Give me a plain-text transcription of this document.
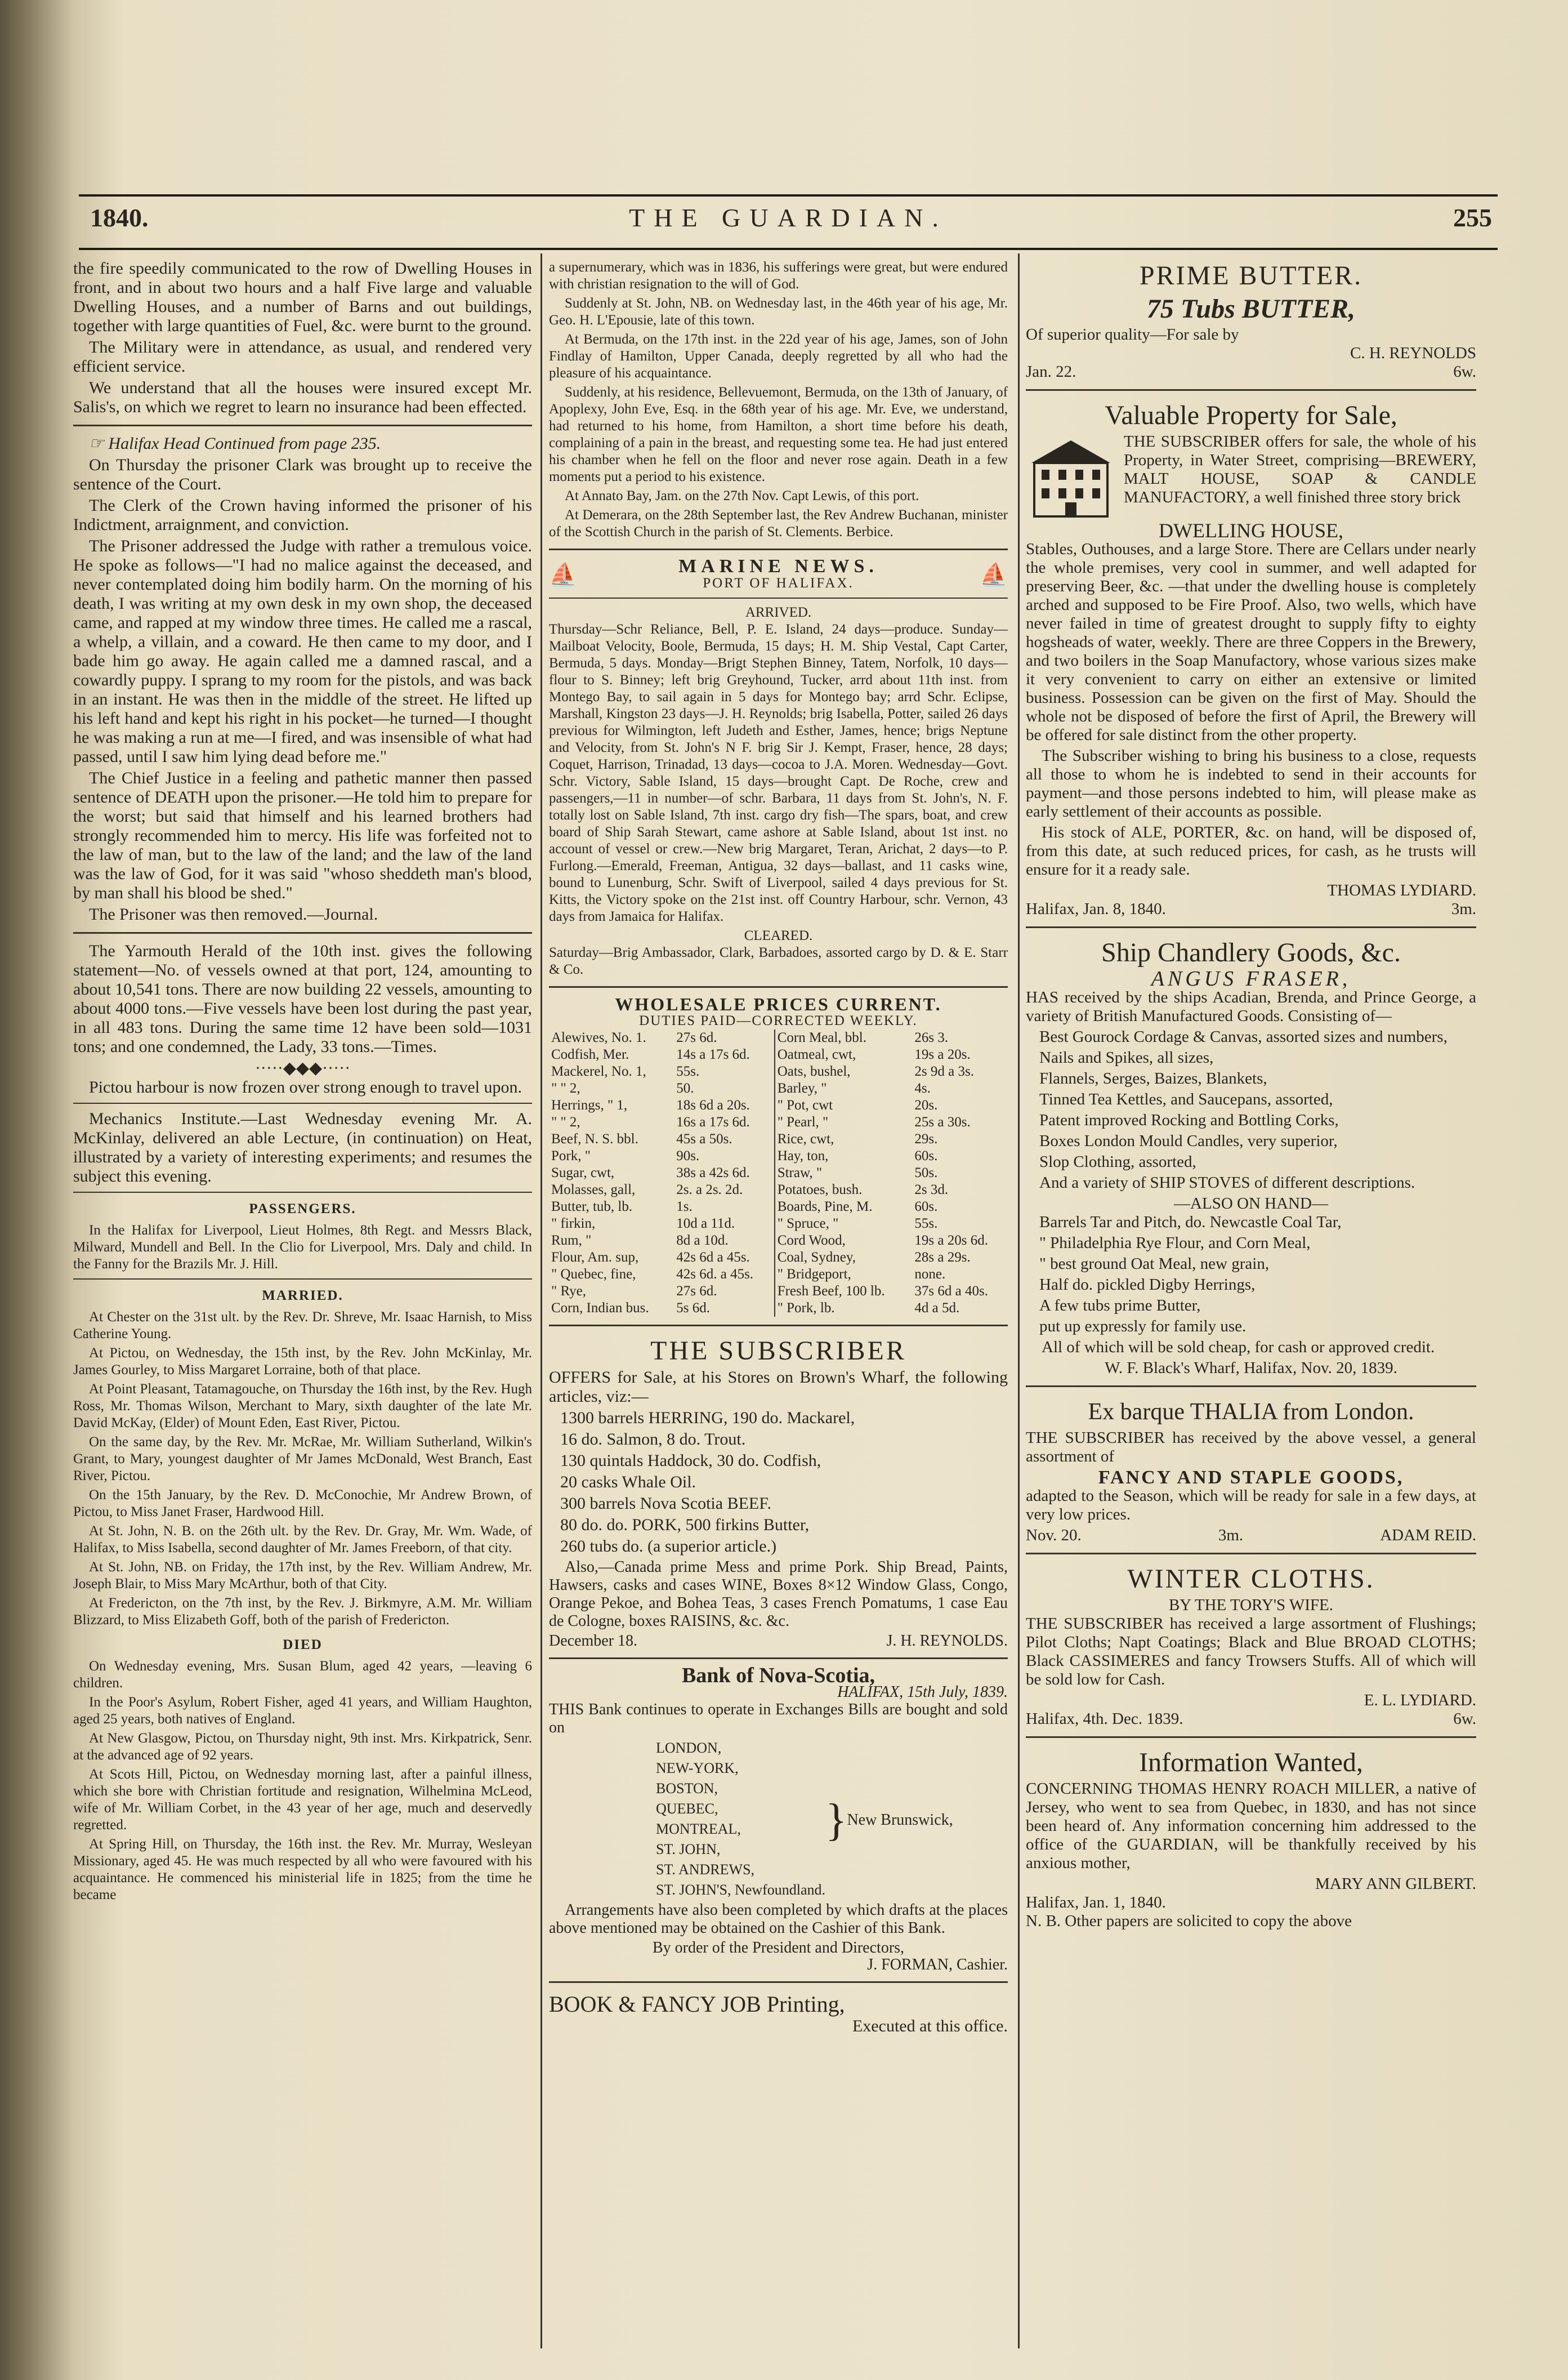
1840.	THE GUARDIAN.	255

the fire speedily communicated to the row of Dwelling Houses in front, and in about two hours and a half Five large and valuable Dwelling Houses, and a number of Barns and out buildings, together with large quantities of Fuel, &c. were burnt to the ground.

The Military were in attendance, as usual, and rendered very efficient service.

We understand that all the houses were insured except Mr. Salis's, on which we regret to learn no insurance had been effected.

☞ Halifax Head Continued from page 235.

On Thursday the prisoner Clark was brought up to receive the sentence of the Court.

The Clerk of the Crown having informed the prisoner of his Indictment, arraignment, and conviction.

The Prisoner addressed the Judge with rather a tremulous voice. He spoke as follows—"I had no malice against the deceased, and never contemplated doing him bodily harm. On the morning of his death, I was writing at my own desk in my own shop, the deceased came, and rapped at my window three times. He called me a rascal, a whelp, a villain, and a coward. He then came to my door, and I bade him go away. He again called me a damned rascal, and a cowardly puppy. I sprang to my room for the pistols, and was back in an instant. He was then in the middle of the street. He lifted up his left hand and kept his right in his pocket—he turned—I thought he was making a run at me—I fired, and was insensible of what had passed, until I saw him lying dead before me."

The Chief Justice in a feeling and pathetic manner then passed sentence of DEATH upon the prisoner.—He told him to prepare for the worst; but said that himself and his learned brothers had strongly recommended him to mercy. His life was forfeited not to the law of man, but to the law of the land; and the law of the land was the law of God, for it was said "whoso sheddeth man's blood, by man shall his blood be shed."

The Prisoner was then removed.—Journal.

The Yarmouth Herald of the 10th inst. gives the following statement—No. of vessels owned at that port, 124, amounting to about 10,541 tons. There are now building 22 vessels, amounting to about 4000 tons.—Five vessels have been lost during the past year, in all 483 tons. During the same time 12 have been sold—1031 tons; and one condemned, the Lady, 33 tons.—Times.

·····◆◆◆·····

Pictou harbour is now frozen over strong enough to travel upon.

Mechanics Institute.—Last Wednesday evening Mr. A. McKinlay, delivered an able Lecture, (in continuation) on Heat, illustrated by a variety of interesting experiments; and resumes the subject this evening.

PASSENGERS.

In the Halifax for Liverpool, Lieut Holmes, 8th Regt. and Messrs Black, Milward, Mundell and Bell. In the Clio for Liverpool, Mrs. Daly and child. In the Fanny for the Brazils Mr. J. Hill.

MARRIED.

At Chester on the 31st ult. by the Rev. Dr. Shreve, Mr. Isaac Harnish, to Miss Catherine Young.

At Pictou, on Wednesday, the 15th inst, by the Rev. John McKinlay, Mr. James Gourley, to Miss Margaret Lorraine, both of that place.

At Point Pleasant, Tatamagouche, on Thursday the 16th inst, by the Rev. Hugh Ross, Mr. Thomas Wilson, Merchant to Mary, sixth daughter of the late Mr. David McKay, (Elder) of Mount Eden, East River, Pictou.

On the same day, by the Rev. Mr. McRae, Mr. William Sutherland, Wilkin's Grant, to Mary, youngest daughter of Mr James McDonald, West Branch, East River, Pictou.

On the 15th January, by the Rev. D. McConochie, Mr Andrew Brown, of Pictou, to Miss Janet Fraser, Hardwood Hill.

At St. John, N. B. on the 26th ult. by the Rev. Dr. Gray, Mr. Wm. Wade, of Halifax, to Miss Isabella, second daughter of Mr. James Freeborn, of that city.

At St. John, NB. on Friday, the 17th inst, by the Rev. William Andrew, Mr. Joseph Blair, to Miss Mary McArthur, both of that City.

At Fredericton, on the 7th inst, by the Rev. J. Birkmyre, A.M. Mr. William Blizzard, to Miss Elizabeth Goff, both of the parish of Fredericton.

DIED

On Wednesday evening, Mrs. Susan Blum, aged 42 years, —leaving 6 children.

In the Poor's Asylum, Robert Fisher, aged 41 years, and William Haughton, aged 25 years, both natives of England.

At New Glasgow, Pictou, on Thursday night, 9th inst. Mrs. Kirkpatrick, Senr. at the advanced age of 92 years.

At Scots Hill, Pictou, on Wednesday morning last, after a painful illness, which she bore with Christian fortitude and resignation, Wilhelmina McLeod, wife of Mr. William Corbet, in the 43 year of her age, much and deservedly regretted.

At Spring Hill, on Thursday, the 16th inst. the Rev. Mr. Murray, Wesleyan Missionary, aged 45. He was much respected by all who were favoured with his acquaintance. He commenced his ministerial life in 1825; from the time he became

a supernumerary, which was in 1836, his sufferings were great, but were endured with christian resignation to the will of God.

Suddenly at St. John, NB. on Wednesday last, in the 46th year of his age, Mr. Geo. H. L'Epousie, late of this town.

At Bermuda, on the 17th inst. in the 22d year of his age, James, son of John Findlay of Hamilton, Upper Canada, deeply regretted by all who had the pleasure of his acquaintance.

Suddenly, at his residence, Bellevuemont, Bermuda, on the 13th of January, of Apoplexy, John Eve, Esq. in the 68th year of his age. Mr. Eve, we understand, had returned to his home, from Hamilton, a short time before his death, complaining of a pain in the breast, and requesting some tea. He had just entered his chamber when he fell on the floor and never rose again. Death in a few moments put a period to his existence.

At Annato Bay, Jam. on the 27th Nov. Capt Lewis, of this port.

At Demerara, on the 28th September last, the Rev Andrew Buchanan, minister of the Scottish Church in the parish of St. Clements. Berbice.

⛵	MARINE NEWS.
PORT OF HALIFAX.	⛵
ARRIVED.

Thursday—Schr Reliance, Bell, P. E. Island, 24 days—produce. Sunday—Mailboat Velocity, Boole, Bermuda, 15 days; H. M. Ship Vestal, Capt Carter, Bermuda, 5 days. Monday—Brigt Stephen Binney, Tatem, Norfolk, 10 days—flour to S. Binney; left brig Greyhound, Tucker, arrd about 11th inst. from Montego Bay, to sail again in 5 days for Montego bay; arrd Schr. Eclipse, Marshall, Kingston 23 days—J. H. Reynolds; brig Isabella, Potter, sailed 26 days previous for Wilmington, left Judeth and Esther, James, hence; brigs Neptune and Velocity, from St. John's N F. brig Sir J. Kempt, Fraser, hence, 28 days; Coquet, Harrison, Trinadad, 13 days—cocoa to J.A. Moren. Wednesday—Govt. Schr. Victory, Sable Island, 15 days—brought Capt. De Roche, crew and passengers,—11 in number—of schr. Barbara, 11 days from St. John's, N. F. totally lost on Sable Island, 7th inst. cargo dry fish—The spars, boat, and crew board of Ship Sarah Stewart, came ashore at Sable Island, about 1st inst. no account of vessel or crew.—New brig Margaret, Teran, Arichat, 2 days—to P. Furlong.—Emerald, Freeman, Antigua, 32 days—ballast, and 11 casks wine, bound to Lunenburg, Schr. Swift of Liverpool, sailed 4 days previous for St. Kitts, the Victory spoke on the 21st inst. off Country Harbour, schr. Vernon, 43 days from Jamaica for Halifax.

CLEARED.

Saturday—Brig Ambassador, Clark, Barbadoes, assorted cargo by D. & E. Starr & Co.

WHOLESALE PRICES CURRENT.
DUTIES PAID—CORRECTED WEEKLY.
Alewives, No. 1.	27s 6d.	Corn Meal, bbl.	26s 3.
Codfish, Mer.	14s a 17s 6d.	Oatmeal, cwt,	19s a 20s.
Mackerel, No. 1,	55s.	Oats, bushel,	2s 9d a 3s.
" " 2,	50.	Barley, "	4s.
Herrings, " 1,	18s 6d a 20s.	" Pot, cwt	20s.
" " 2,	16s a 17s 6d.	" Pearl, "	25s a 30s.
Beef, N. S. bbl.	45s a 50s.	Rice, cwt,	29s.
Pork, "	90s.	Hay, ton,	60s.
Sugar, cwt,	38s a 42s 6d.	Straw, "	50s.
Molasses, gall,	2s. a 2s. 2d.	Potatoes, bush.	2s 3d.
Butter, tub, lb.	1s.	Boards, Pine, M.	60s.
" firkin,	10d a 11d.	" Spruce, "	55s.
Rum, "	8d a 10d.	Cord Wood,	19s a 20s 6d.
Flour, Am. sup,	42s 6d a 45s.	Coal, Sydney,	28s a 29s.
" Quebec, fine,	42s 6d. a 45s.	" Bridgeport,	none.
" Rye,	27s 6d.	Fresh Beef, 100 lb.	37s 6d a 40s.
Corn, Indian bus.	5s 6d.	" Pork, lb.	4d a 5d.
THE SUBSCRIBER

OFFERS for Sale, at his Stores on Brown's Wharf, the following articles, viz:—

1300 barrels HERRING, 190 do. Mackarel,

16 do. Salmon, 8 do. Trout.

130 quintals Haddock, 30 do. Codfish,

20 casks Whale Oil.

300 barrels Nova Scotia BEEF.

80 do. do. PORK, 500 firkins Butter,

260 tubs do. (a superior article.)

Also,—Canada prime Mess and prime Pork. Ship Bread, Paints, Hawsers, casks and cases WINE, Boxes 8×12 Window Glass, Congo, Orange Pekoe, and Bohea Teas, 3 cases French Pomatums, 1 case Eau de Cologne, boxes RAISINS, &c. &c.

December 18.	J. H. REYNOLDS.
Bank of Nova-Scotia,
HALIFAX, 15th July, 1839.

THIS Bank continues to operate in Exchanges Bills are bought and sold on

LONDON,

NEW-YORK,

BOSTON,

QUEBEC,

MONTREAL,

ST. JOHN,

ST. ANDREWS,

ST. JOHN'S, Newfoundland.

} New Brunswick,

Arrangements have also been completed by which drafts at the places above mentioned may be obtained on the Cashier of this Bank.

By order of the President and Directors,
J. FORMAN, Cashier.
BOOK & FANCY JOB Printing,
Executed at this office.
PRIME BUTTER.
75 Tubs BUTTER,
Of superior quality—For sale by
C. H. REYNOLDS
Jan. 22.	6w.
Valuable Property for Sale,

THE SUBSCRIBER offers for sale, the whole of his Property, in Water Street, comprising—BREWERY, MALT HOUSE, SOAP & CANDLE MANUFACTORY, a well finished three story brick

DWELLING HOUSE,

Stables, Outhouses, and a large Store. There are Cellars under nearly the whole premises, very cool in summer, and well adapted for preserving Beer, &c. —that under the dwelling house is completely arched and supposed to be Fire Proof. Also, two wells, which have never failed in time of greatest drought to supply fifty to eighty hogsheads of water, weekly. There are three Coppers in the Brewery, and two boilers in the Soap Manufactory, whose various sizes make it very convenient to carry on either an extensive or limited business. Possession can be given on the first of May. Should the whole not be disposed of before the first of April, the Brewery will be offered for sale distinct from the other property.

The Subscriber wishing to bring his business to a close, requests all those to whom he is indebted to send in their accounts for payment—and those persons indebted to him, will please make as early settlement of their accounts as possible.

His stock of ALE, PORTER, &c. on hand, will be disposed of, from this date, at such reduced prices, for cash, as he trusts will ensure for it a ready sale.

THOMAS LYDIARD.
Halifax, Jan. 8, 1840.	3m.
Ship Chandlery Goods, &c.
ANGUS FRASER,

HAS received by the ships Acadian, Brenda, and Prince George, a variety of British Manufactured Goods. Consisting of—

Best Gourock Cordage & Canvas, assorted sizes and numbers,

Nails and Spikes, all sizes,

Flannels, Serges, Baizes, Blankets,

Tinned Tea Kettles, and Saucepans, assorted,

Patent improved Rocking and Bottling Corks,

Boxes London Mould Candles, very superior,

Slop Clothing, assorted,

And a variety of SHIP STOVES of different descriptions.

—ALSO ON HAND—

Barrels Tar and Pitch, do. Newcastle Coal Tar,

" Philadelphia Rye Flour, and Corn Meal,

" best ground Oat Meal, new grain,

Half do. pickled Digby Herrings,

A few tubs prime Butter,

put up expressly for family use.

All of which will be sold cheap, for cash or approved credit.

W. F. Black's Wharf, Halifax, Nov. 20, 1839.
Ex barque THALIA from London.

THE SUBSCRIBER has received by the above vessel, a general assortment of

FANCY AND STAPLE GOODS,

adapted to the Season, which will be ready for sale in a few days, at very low prices.

Nov. 20.	3m.	ADAM REID.
WINTER CLOTHS.
BY THE TORY'S WIFE.

THE SUBSCRIBER has received a large assortment of Flushings; Pilot Cloths; Napt Coatings; Black and Blue BROAD CLOTHS; Black CASSIMERES and fancy Trowsers Stuffs. All of which will be sold low for Cash.

E. L. LYDIARD.
Halifax, 4th. Dec. 1839.	6w.
Information Wanted,

CONCERNING THOMAS HENRY ROACH MILLER, a native of Jersey, who went to sea from Quebec, in 1830, and has not since been heard of. Any information concerning him addressed to the office of the GUARDIAN, will be thankfully received by his anxious mother,

MARY ANN GILBERT.
Halifax, Jan. 1, 1840.
N. B. Other papers are solicited to copy the above
